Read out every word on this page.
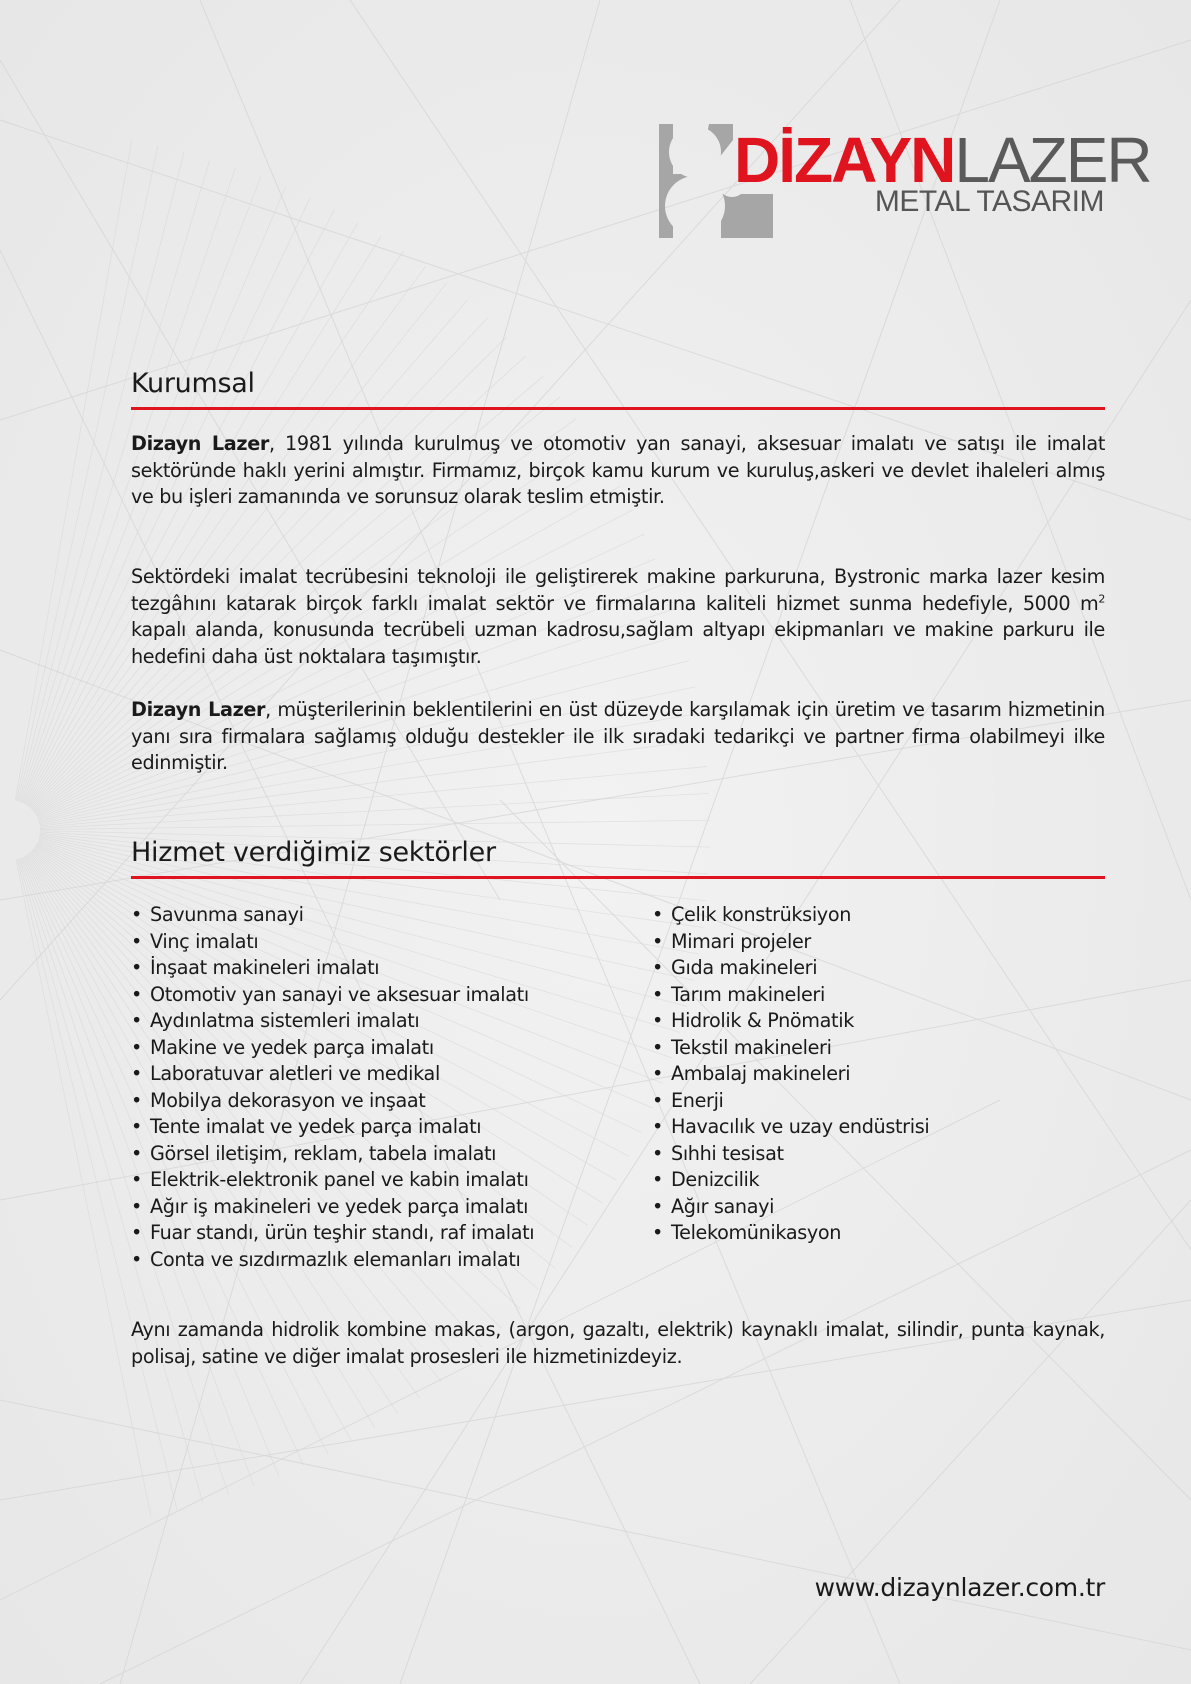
DİZAYNLAZER
METAL TASARIM
Kurumsal

Dizayn Lazer, 1981 yılında kurulmuş ve otomotiv yan sanayi, aksesuar imalatı ve satışı ile imalat sektöründe haklı yerini almıştır. Firmamız, birçok kamu kurum ve kuruluş,askeri ve devlet ihaleleri almış ve bu işleri zamanında ve sorunsuz olarak teslim etmiştir.

Sektördeki imalat tecrübesini teknoloji ile geliştirerek makine parkuruna, Bystronic marka lazer kesim tezgâhını katarak birçok farklı imalat sektör ve firmalarına kaliteli hizmet sunma hedefiyle, 5000 $m^2$ kapalı alanda, konusunda tecrübeli uzman kadrosu,sağlam altyapı ekipmanları ve makine parkuru ile hedefini daha üst noktalara taşımıştır.

Dizayn Lazer, müşterilerinin beklentilerini en üst düzeyde karşılamak için üretim ve tasarım hizmetinin yanı sıra firmalara sağlamış olduğu destekler ile ilk sıradaki tedarikçi ve partner firma olabilmeyi ilke edinmiştir.

Hizmet verdiğimiz sektörler
• Savunma sanayi
• Vinç imalatı
• İnşaat makineleri imalatı
• Otomotiv yan sanayi ve aksesuar imalatı
• Aydınlatma sistemleri imalatı
• Makine ve yedek parça imalatı
• Laboratuvar aletleri ve medikal
• Mobilya dekorasyon ve inşaat
• Tente imalat ve yedek parça imalatı
• Görsel iletişim, reklam, tabela imalatı
• Elektrik-elektronik panel ve kabin imalatı
• Ağır iş makineleri ve yedek parça imalatı
• Fuar standı, ürün teşhir standı, raf imalatı
• Conta ve sızdırmazlık elemanları imalatı
• Çelik konstrüksiyon
• Mimari projeler
• Gıda makineleri
• Tarım makineleri
• Hidrolik & Pnömatik
• Tekstil makineleri
• Ambalaj makineleri
• Enerji
• Havacılık ve uzay endüstrisi
• Sıhhi tesisat
• Denizcilik
• Ağır sanayi
• Telekomünikasyon

Aynı zamanda hidrolik kombine makas, (argon, gazaltı, elektrik) kaynaklı imalat, silindir, punta kaynak, polisaj, satine ve diğer imalat prosesleri ile hizmetinizdeyiz.

www.dizaynlazer.com.tr
